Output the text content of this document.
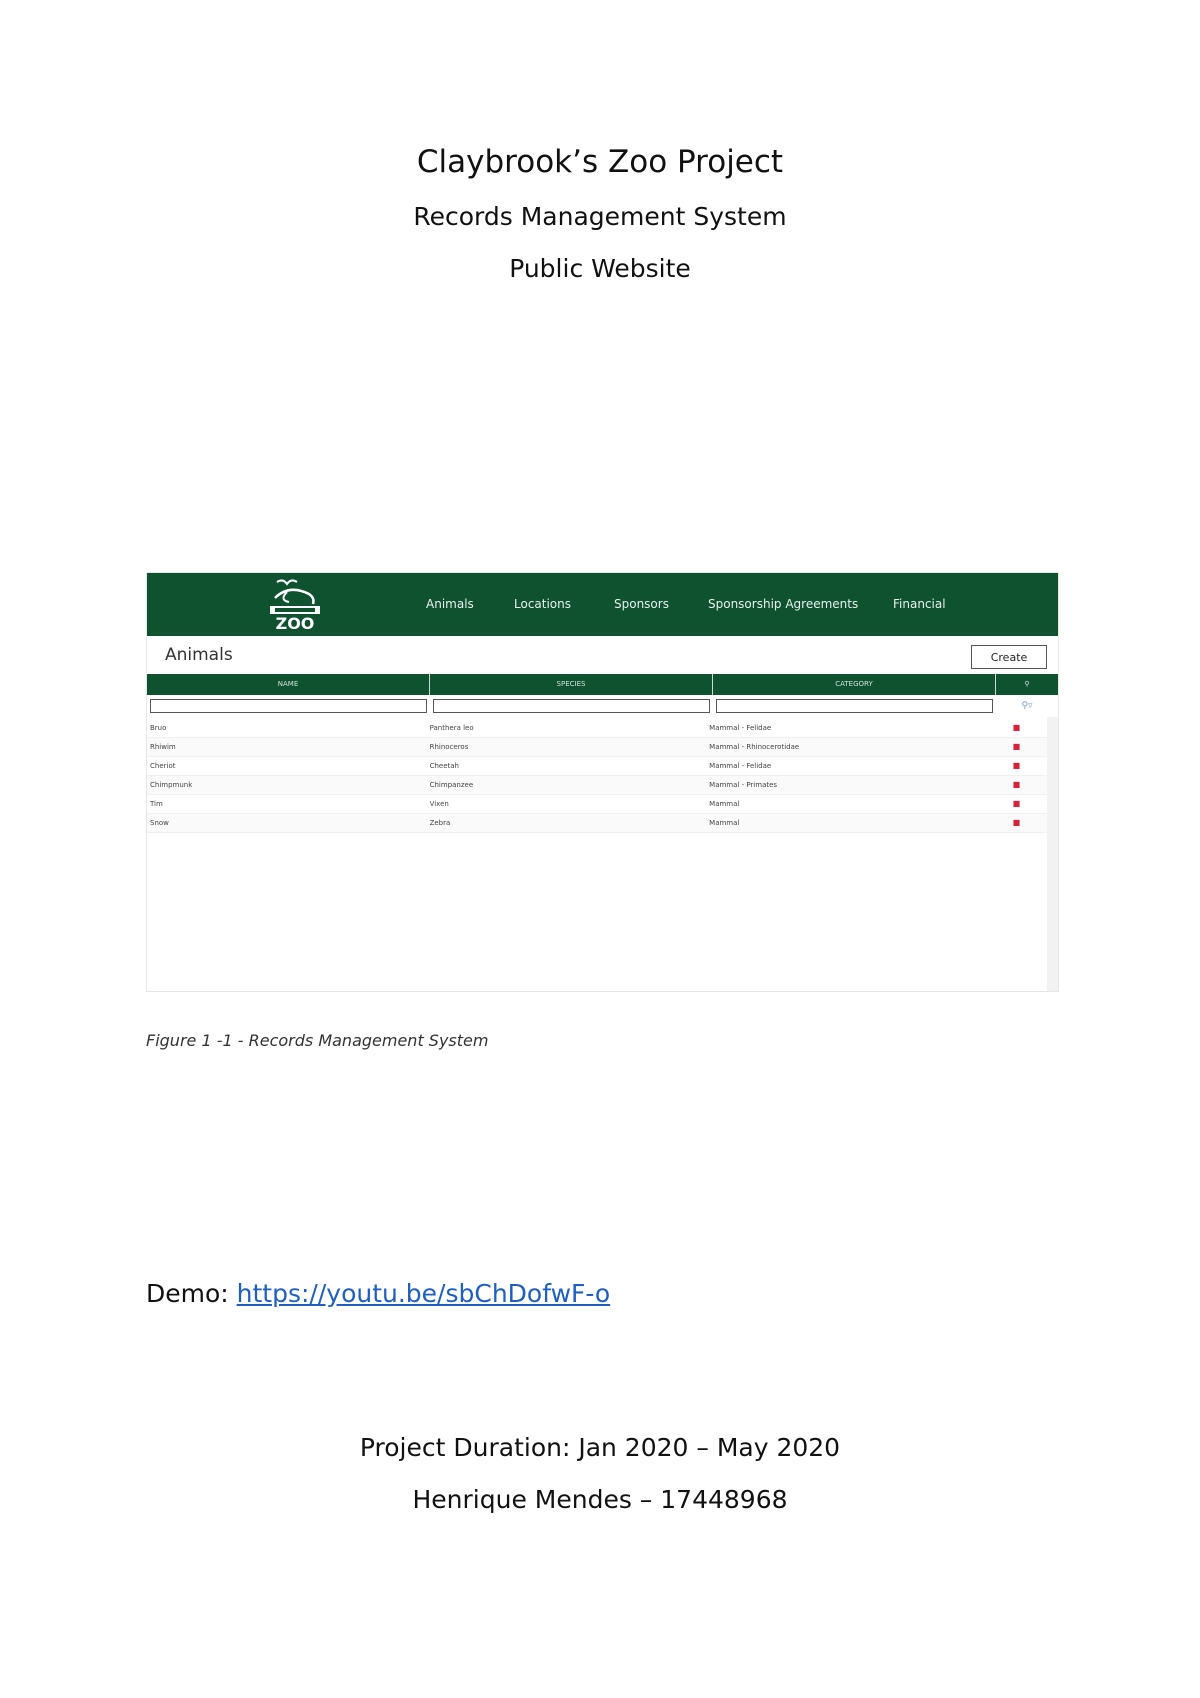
Claybrook’s Zoo Project
Records Management System
Public Website
ZOO
Animals	Locations	Sponsors	Sponsorship Agreements	Financial
Animals	Create
NAME	SPECIES	CATEGORY	⚲
⚲▿
Bruo	Panthera leo	Mammal - Felidae	■
Rhiwim	Rhinoceros	Mammal - Rhinocerotidae	■
Cheriot	Cheetah	Mammal - Felidae	■
Chimpmunk	Chimpanzee	Mammal - Primates	■
Tim	Vixen	Mammal	■
Snow	Zebra	Mammal	■
Figure 1 -1 - Records Management System
Demo: https://youtu.be/sbChDofwF-o
Project Duration: Jan 2020 – May 2020
Henrique Mendes – 17448968
